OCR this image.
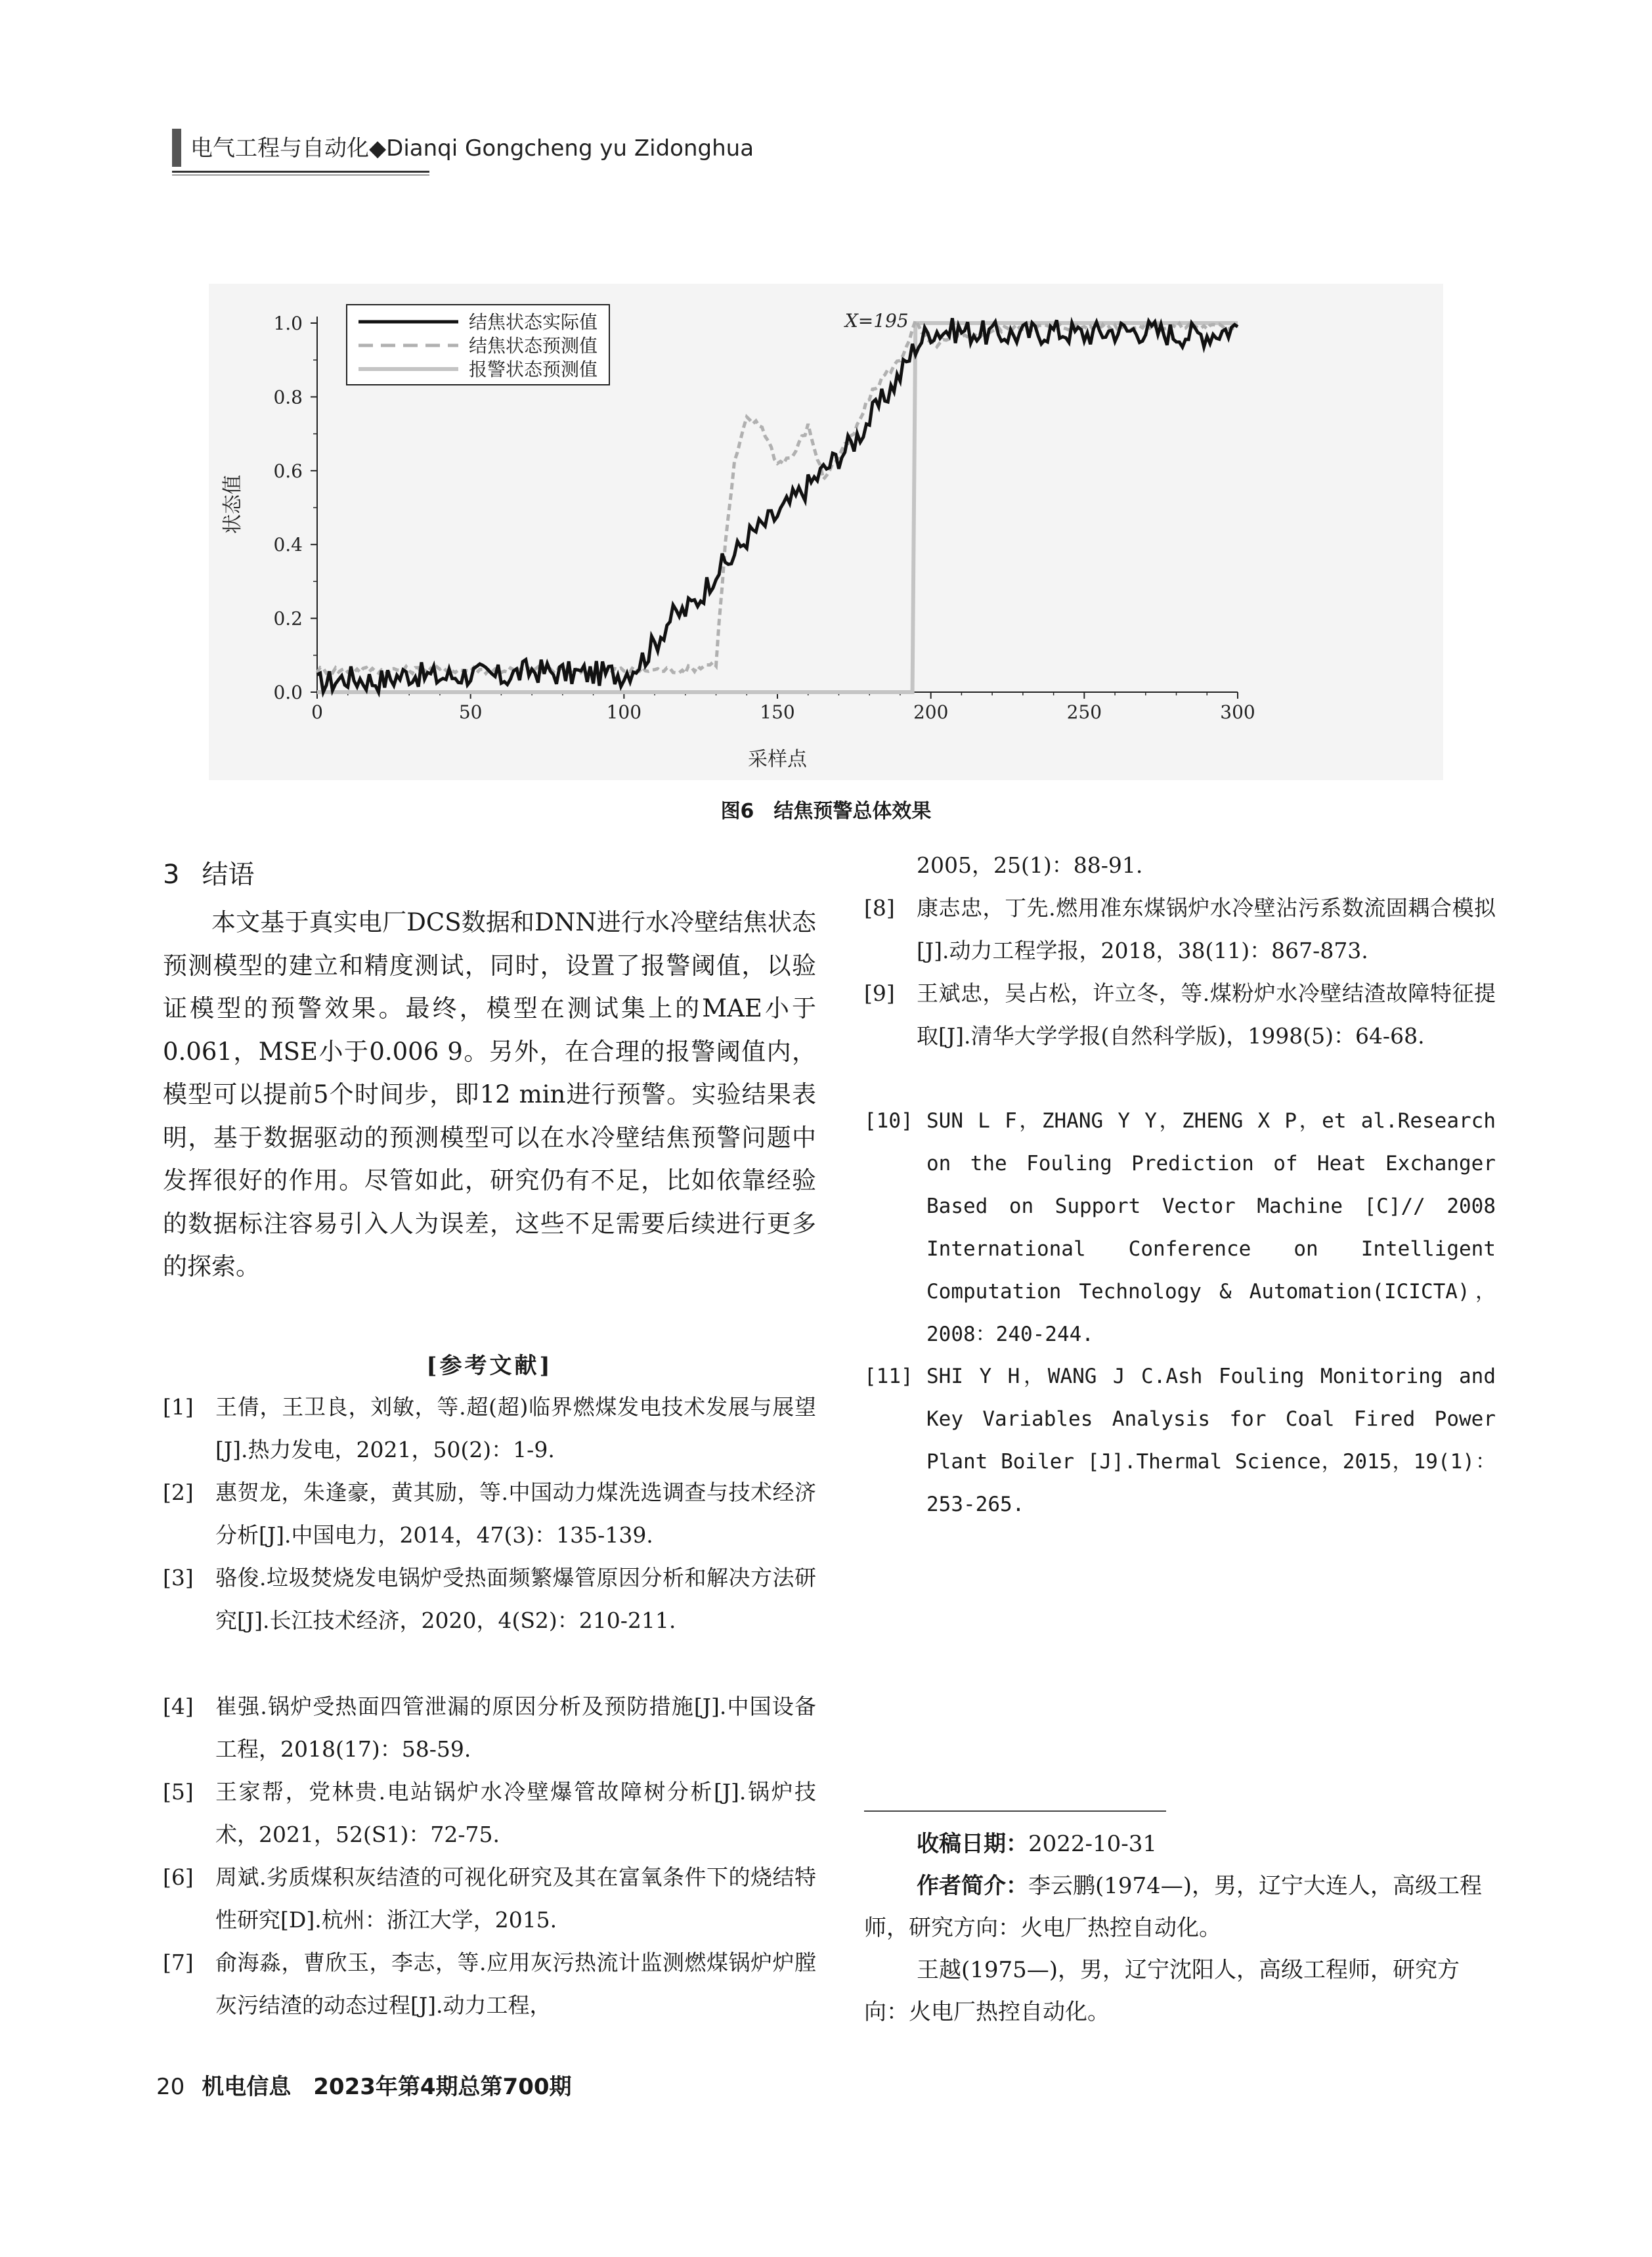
电气工程与自动化◆Dianqi Gongcheng yu Zidonghua
0	50	100	150	200	250	300
0.0
0.2
0.4
0.6
0.8
1.0
采样点
状态值
X=195
结焦状态实际值
结焦状态预测值
报警状态预测值
图6　结焦预警总体效果
3 结语

本文基于真实电厂DCS数据和DNN进行水冷壁结焦状态预测模型的建立和精度测试，同时，设置了报警阈值，以验证模型的预警效果。最终，模型在测试集上的MAE小于0.061，MSE小于0.006 9。另外，在合理的报警阈值内，模型可以提前5个时间步，即12 min进行预警。实验结果表明，基于数据驱动的预测模型可以在水冷壁结焦预警问题中发挥很好的作用。尽管如此，研究仍有不足，比如依靠经验的数据标注容易引入人为误差，这些不足需要后续进行更多的探索。

[参考文献]
[1]	王倩，王卫良，刘敏，等.超(超)临界燃煤发电技术发展与展望[J].热力发电，2021，50(2)：1-9.
[2]	惠贺龙，朱逢豪，黄其励，等.中国动力煤洗选调查与技术经济分析[J].中国电力，2014，47(3)：135-139.
[3]	骆俊.垃圾焚烧发电锅炉受热面频繁爆管原因分析和解决方法研究[J].长江技术经济，2020，4(S2)：210-211.
[4]	崔强.锅炉受热面四管泄漏的原因分析及预防措施[J].中国设备工程，2018(17)：58-59.
[5]	王家帮，党林贵.电站锅炉水冷壁爆管故障树分析[J].锅炉技术，2021，52(S1)：72-75.
[6]	周斌.劣质煤积灰结渣的可视化研究及其在富氧条件下的烧结特性研究[D].杭州：浙江大学，2015.
[7]	俞海淼，曹欣玉，李志，等.应用灰污热流计监测燃煤锅炉炉膛灰污结渣的动态过程[J].动力工程，
2005，25(1)：88-91.
[8]	康志忠，丁先.燃用准东煤锅炉水冷壁沾污系数流固耦合模拟[J].动力工程学报，2018，38(11)：867-873.
[9]	王斌忠，吴占松，许立冬，等.煤粉炉水冷壁结渣故障特征提取[J].清华大学学报(自然科学版)，1998(5)：64-68.
[10] SUN L F，ZHANG Y Y，ZHENG X P，et al.Research on the Fouling Prediction of Heat Exchanger Based on Support Vector Machine [C]// 2008 International Conference on Intelligent Computation Technology & Automation(ICICTA)，2008：240-244.
[11] SHI Y H，WANG J C.Ash Fouling Monitoring and Key Variables Analysis for Coal Fired Power Plant Boiler [J].Thermal Science，2015，19(1)：253-265.

收稿日期：2022-10-31

作者简介：李云鹏(1974—)，男，辽宁大连人，高级工程师，研究方向：火电厂热控自动化。

王越(1975—)，男，辽宁沈阳人，高级工程师，研究方向：火电厂热控自动化。

20 机电信息　2023年第4期总第700期
